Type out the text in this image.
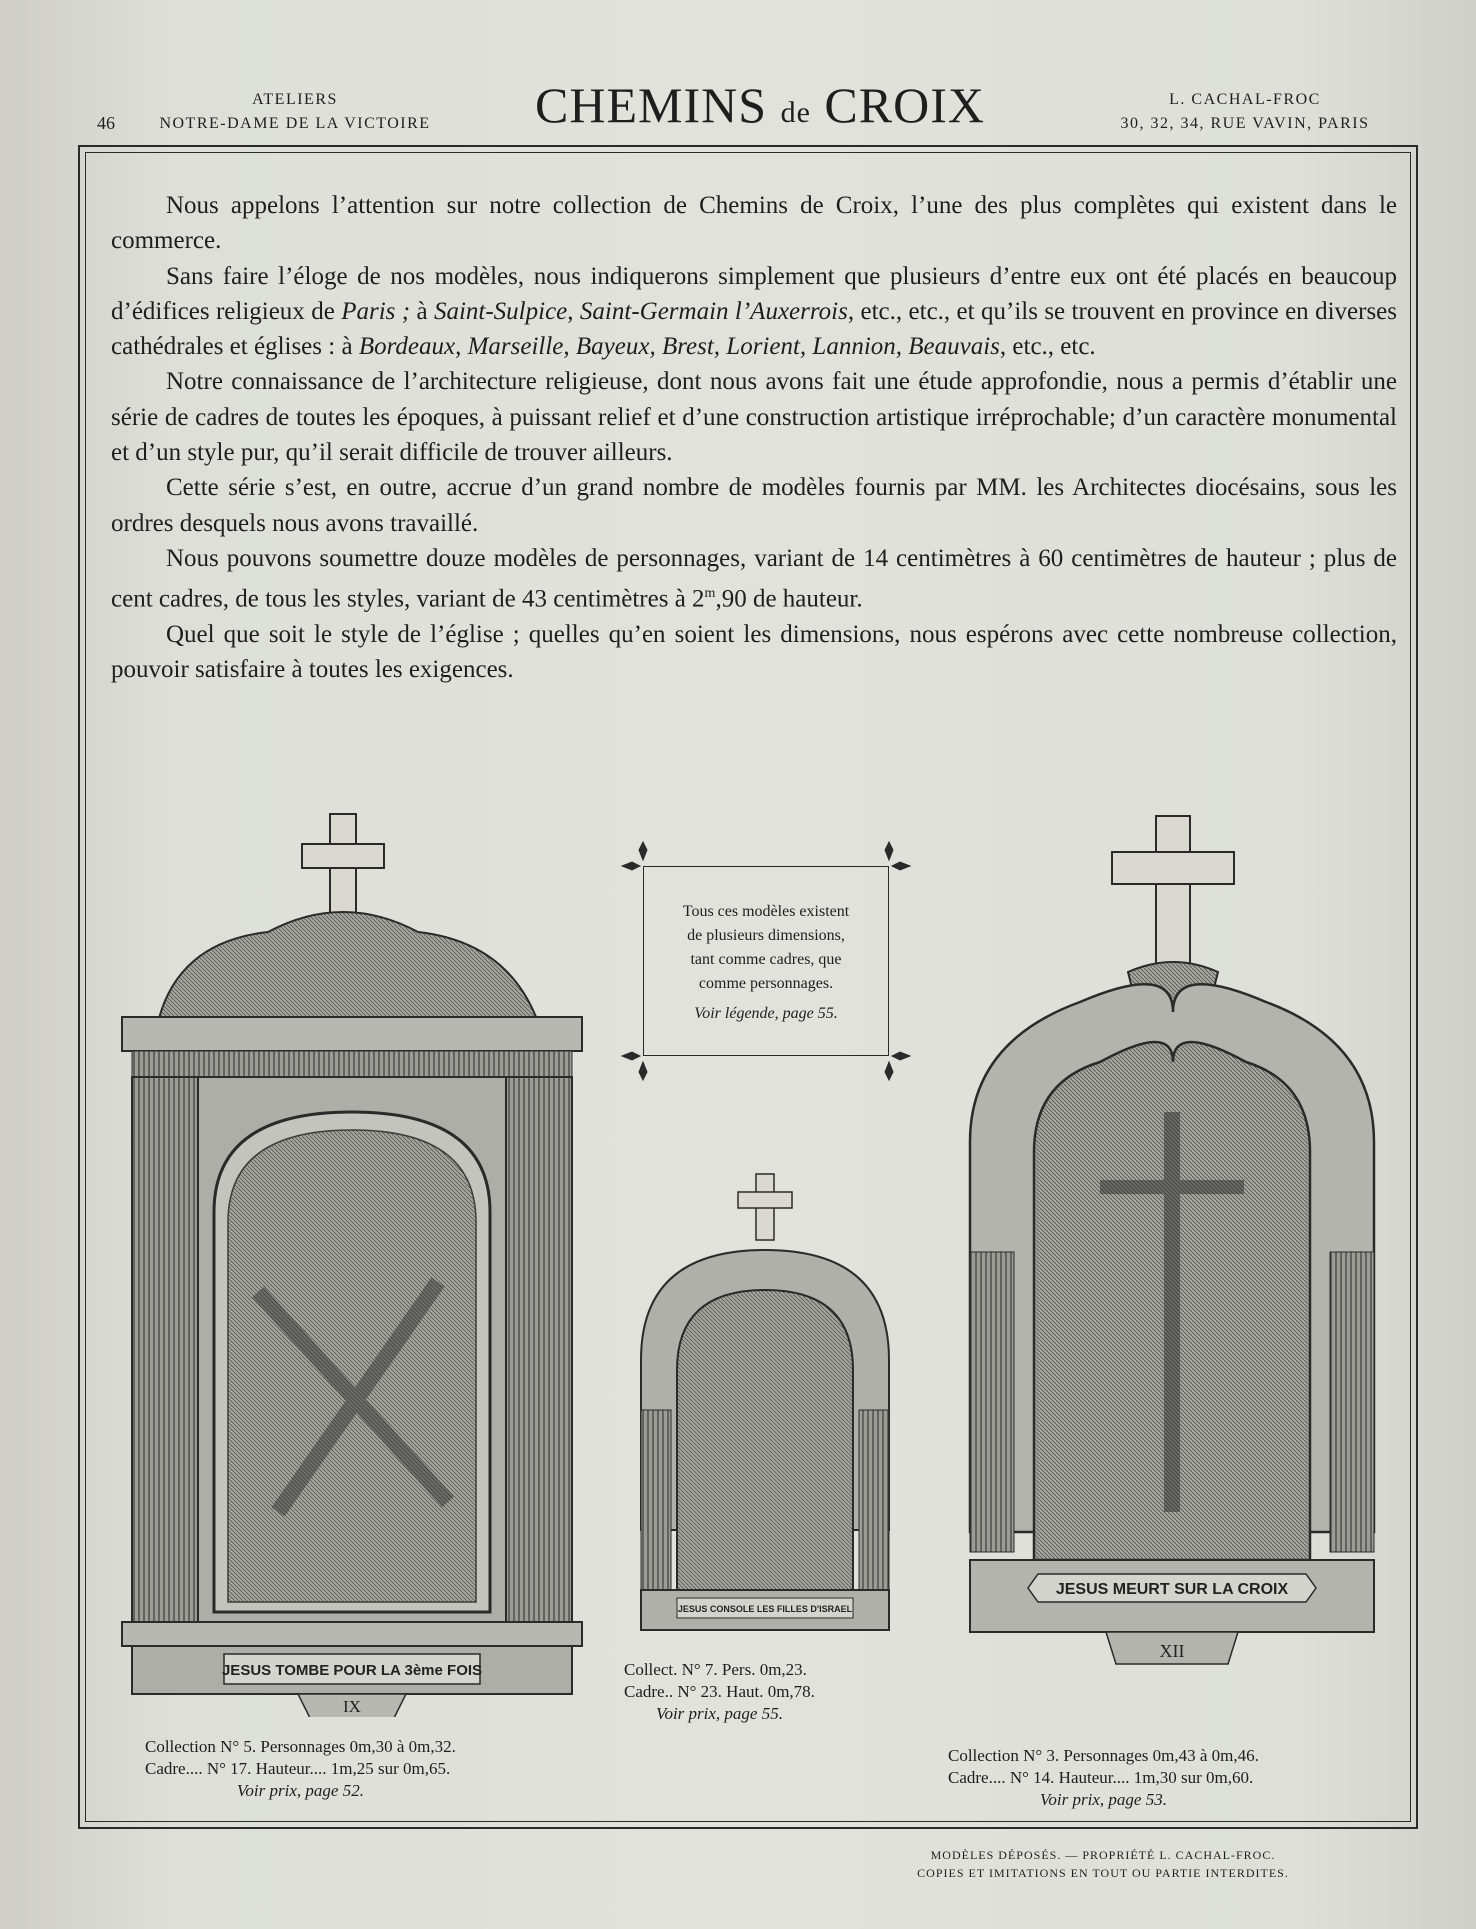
46
ATELIERS
NOTRE-DAME DE LA VICTOIRE	CHEMINS de CROIX	L. CACHAL-FROC
30, 32, 34, RUE VAVIN, PARIS

Nous appelons l’attention sur notre collection de Chemins de Croix, l’une des plus complètes qui existent dans le commerce.

Sans faire l’éloge de nos modèles, nous indiquerons simplement que plusieurs d’entre eux ont été placés en beaucoup d’édifices religieux de Paris ; à Saint-Sulpice, Saint-Germain l’Auxerrois, etc., etc., et qu’ils se trouvent en province en diverses cathédrales et églises : à Bordeaux, Marseille, Bayeux, Brest, Lorient, Lannion, Beauvais, etc., etc.

Notre connaissance de l’architecture religieuse, dont nous avons fait une étude approfondie, nous a permis d’établir une série de cadres de toutes les époques, à puissant relief et d’une construction artistique irréprochable; d’un caractère monumental et d’un style pur, qu’il serait difficile de trouver ailleurs.

Cette série s’est, en outre, accrue d’un grand nombre de modèles fournis par MM. les Architectes diocésains, sous les ordres desquels nous avons travaillé.

Nous pouvons soumettre douze modèles de personnages, variant de 14 centimètres à 60 centimètres de hauteur ; plus de cent cadres, de tous les styles, variant de 43 centimètres à 2$^m$,90 de hauteur.

Quel que soit le style de l’église ; quelles qu’en soient les dimensions, nous espérons avec cette nombreuse collection, pouvoir satisfaire à toutes les exigences.

Tous ces modèles existent
de plusieurs dimensions,
tant comme cadres, que
comme personnages.
Voir légende, page 55.
JESUS TOMBE POUR LA 3ème FOIS
IX
Collection N° 5. Personnages 0m,30 à 0m,32.
Cadre.... N° 17. Hauteur.... 1m,25 sur 0m,65.
Voir prix, page 52.
JESUS CONSOLE LES FILLES D'ISRAEL
Collect. N° 7. Pers. 0m,23.
Cadre.. N° 23. Haut. 0m,78.
Voir prix, page 55.
JESUS MEURT SUR LA CROIX
XII
Collection N° 3. Personnages 0m,43 à 0m,46.
Cadre.... N° 14. Hauteur.... 1m,30 sur 0m,60.
Voir prix, page 53.
MODÈLES DÉPOSÉS. — PROPRIÉTÉ L. CACHAL-FROC.
COPIES ET IMITATIONS EN TOUT OU PARTIE INTERDITES.
